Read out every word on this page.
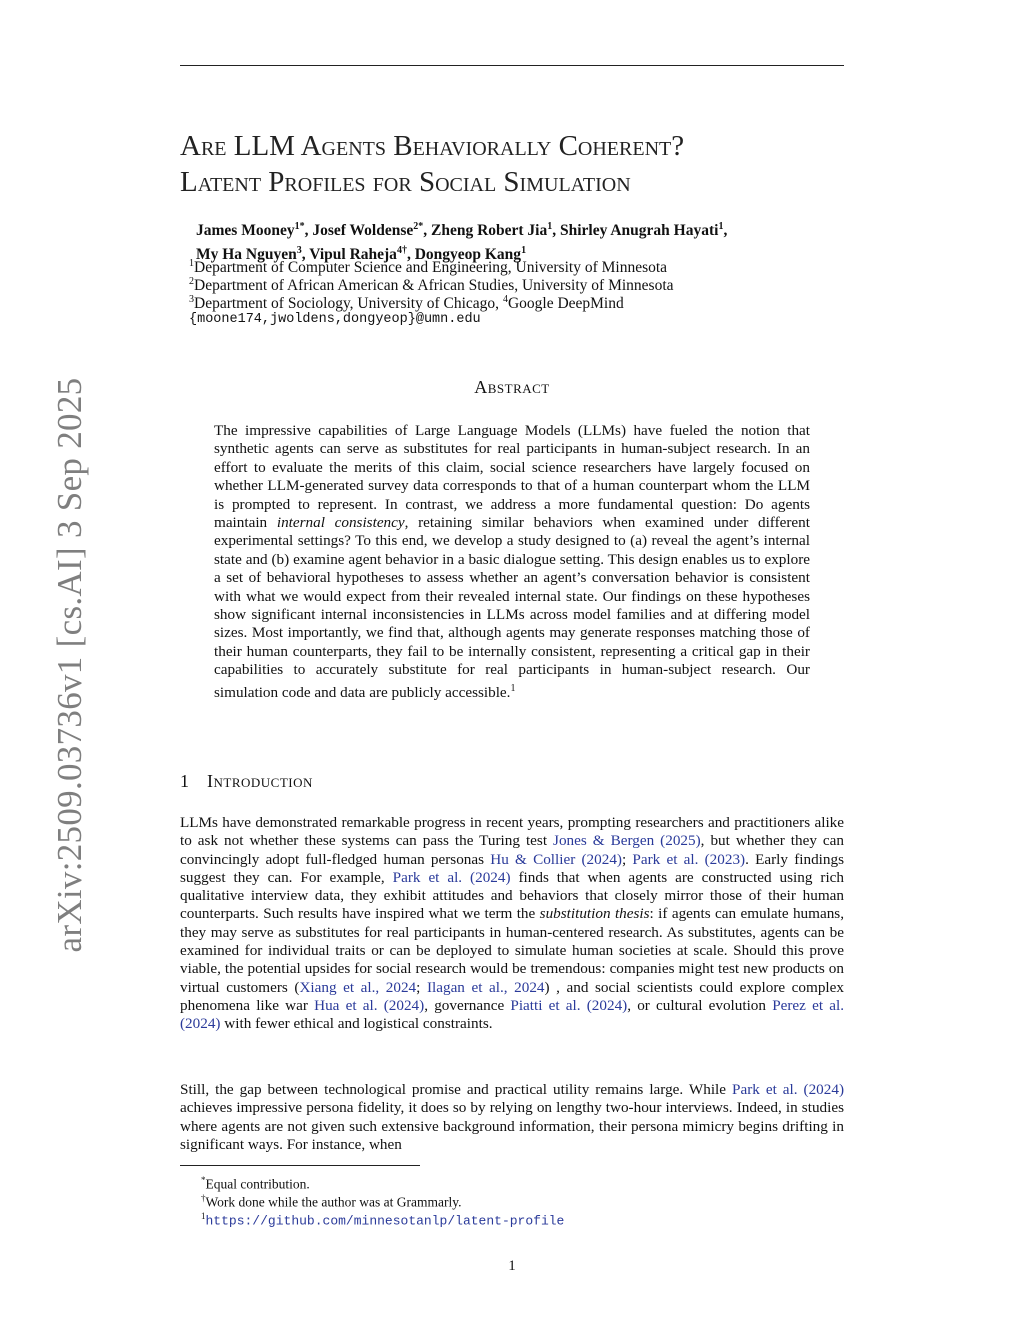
arXiv:2509.03736v1 [cs.AI] 3 Sep 2025
Are LLM Agents Behaviorally Coherent?
Latent Profiles for Social Simulation
James Mooney$^{1*}$, Josef Woldense$^{2*}$, Zheng Robert Jia$^1$, Shirley Anugrah Hayati$^1$,
My Ha Nguyen$^3$, Vipul Raheja$^{4\dagger}$, Dongyeop Kang$^1$
$^1$Department of Computer Science and Engineering, University of Minnesota
$^2$Department of African American & African Studies, University of Minnesota
$^3$Department of Sociology, University of Chicago, $^4$Google DeepMind
{moone174,jwoldens,dongyeop}@umn.edu
Abstract
The impressive capabilities of Large Language Models (LLMs) have fueled the notion that synthetic agents can serve as substitutes for real participants in human-subject research. In an effort to evaluate the merits of this claim, social science researchers have largely focused on whether LLM-generated survey data corresponds to that of a human counterpart whom the LLM is prompted to represent. In contrast, we address a more fundamental question: Do agents maintain internal consistency, retaining similar behaviors when examined under different experimental settings? To this end, we develop a study designed to (a) reveal the agent’s internal state and (b) examine agent behavior in a basic dialogue setting. This design enables us to explore a set of behavioral hypotheses to assess whether an agent’s conversation behavior is consistent with what we would expect from their revealed internal state. Our findings on these hypotheses show significant internal inconsistencies in LLMs across model families and at differing model sizes. Most importantly, we find that, although agents may generate responses matching those of their human counterparts, they fail to be internally consistent, representing a critical gap in their capabilities to accurately substitute for real participants in human-subject research. Our simulation code and data are publicly accessible.$^1$
1 Introduction
LLMs have demonstrated remarkable progress in recent years, prompting researchers and practitioners alike to ask not whether these systems can pass the Turing test Jones & Bergen (2025), but whether they can convincingly adopt full-fledged human personas Hu & Collier (2024); Park et al. (2023). Early findings suggest they can. For example, Park et al. (2024) finds that when agents are constructed using rich qualitative interview data, they exhibit attitudes and behaviors that closely mirror those of their human counterparts. Such results have inspired what we term the substitution thesis: if agents can emulate humans, they may serve as substitutes for real participants in human-centered research. As substitutes, agents can be examined for individual traits or can be deployed to simulate human societies at scale. Should this prove viable, the potential upsides for social research would be tremendous: companies might test new products on virtual customers (Xiang et al., 2024; Ilagan et al., 2024) , and social scientists could explore complex phenomena like war Hua et al. (2024), governance Piatti et al. (2024), or cultural evolution Perez et al. (2024) with fewer ethical and logistical constraints.
Still, the gap between technological promise and practical utility remains large. While Park et al. (2024) achieves impressive persona fidelity, it does so by relying on lengthy two-hour interviews. Indeed, in studies where agents are not given such extensive background information, their persona mimicry begins drifting in significant ways. For instance, when
*Equal contribution.
†Work done while the author was at Grammarly.
$^1$https://github.com/minnesotanlp/latent-profile
1
